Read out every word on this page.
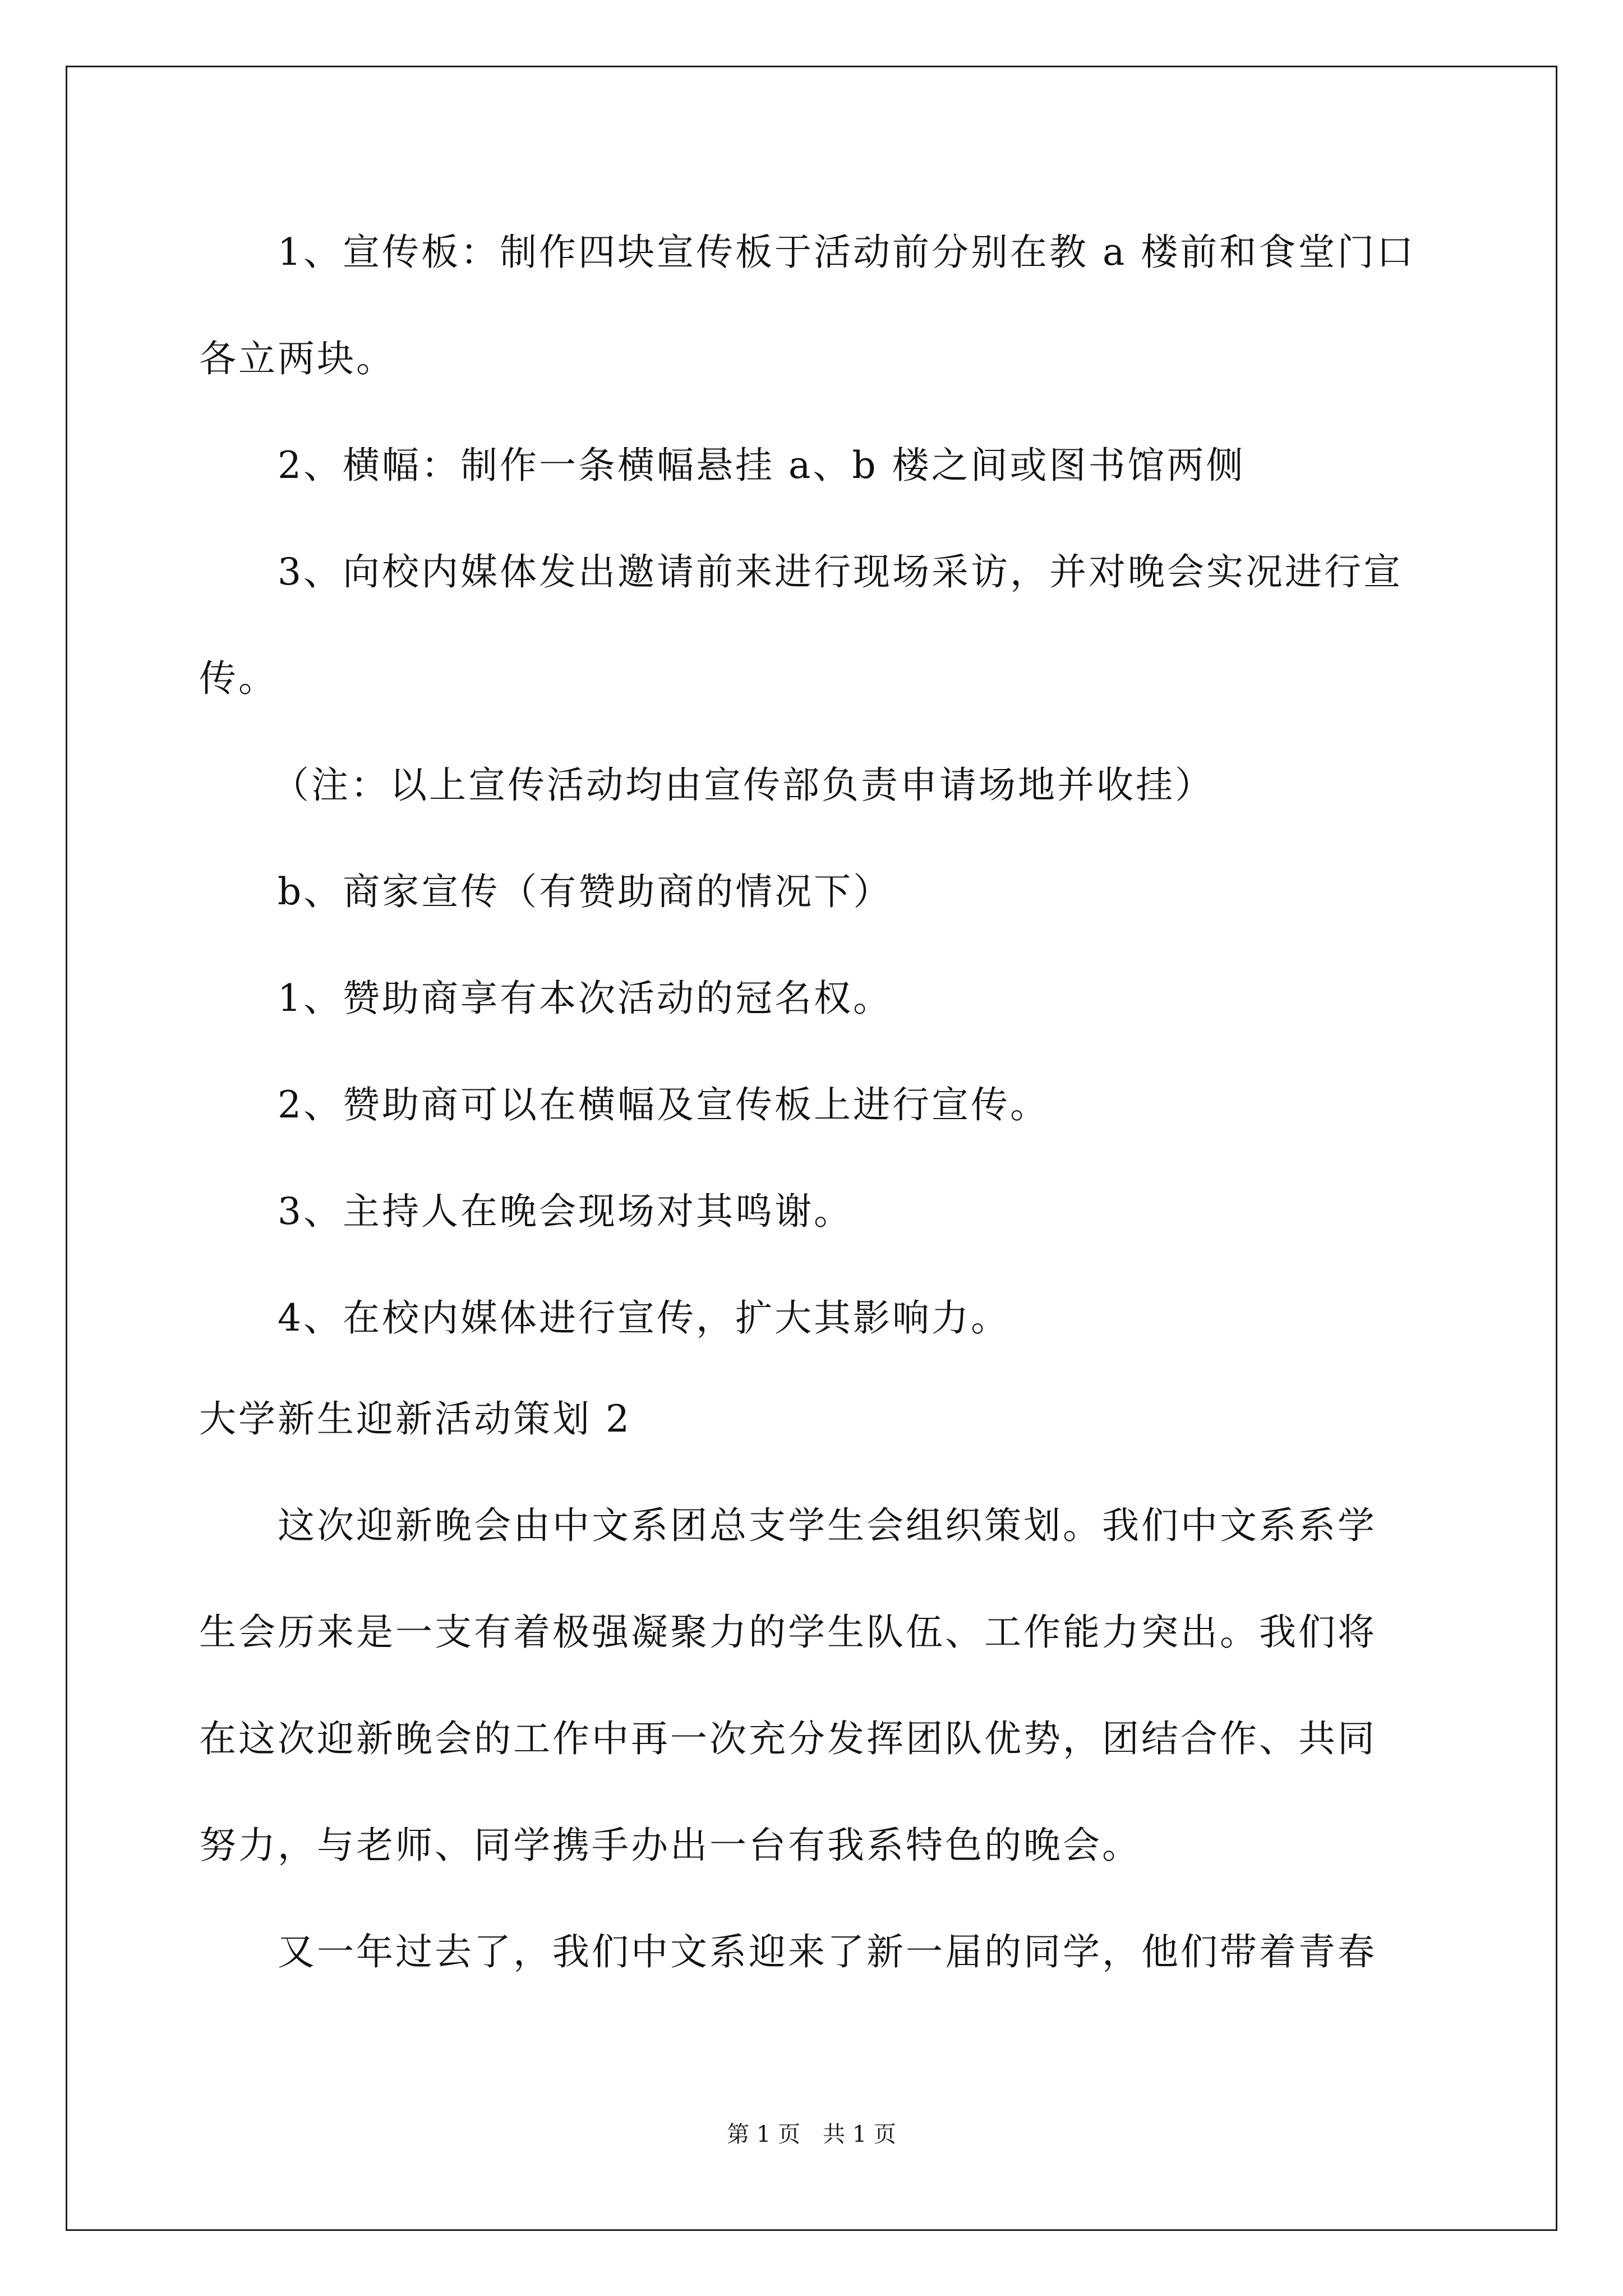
1、宣传板：制作四块宣传板于活动前分别在教 a 楼前和食堂门口
各立两块。
2、横幅：制作一条横幅悬挂 a、b 楼之间或图书馆两侧
3、向校内媒体发出邀请前来进行现场采访，并对晚会实况进行宣
传。
（注：以上宣传活动均由宣传部负责申请场地并收挂）
b、商家宣传（有赞助商的情况下）
1、赞助商享有本次活动的冠名权。
2、赞助商可以在横幅及宣传板上进行宣传。
3、主持人在晚会现场对其鸣谢。
4、在校内媒体进行宣传，扩大其影响力。
大学新生迎新活动策划 2
这次迎新晚会由中文系团总支学生会组织策划。我们中文系系学
生会历来是一支有着极强凝聚力的学生队伍、工作能力突出。我们将
在这次迎新晚会的工作中再一次充分发挥团队优势，团结合作、共同
努力，与老师、同学携手办出一台有我系特色的晚会。
又一年过去了，我们中文系迎来了新一届的同学，他们带着青春
第 1 页　共 1 页
